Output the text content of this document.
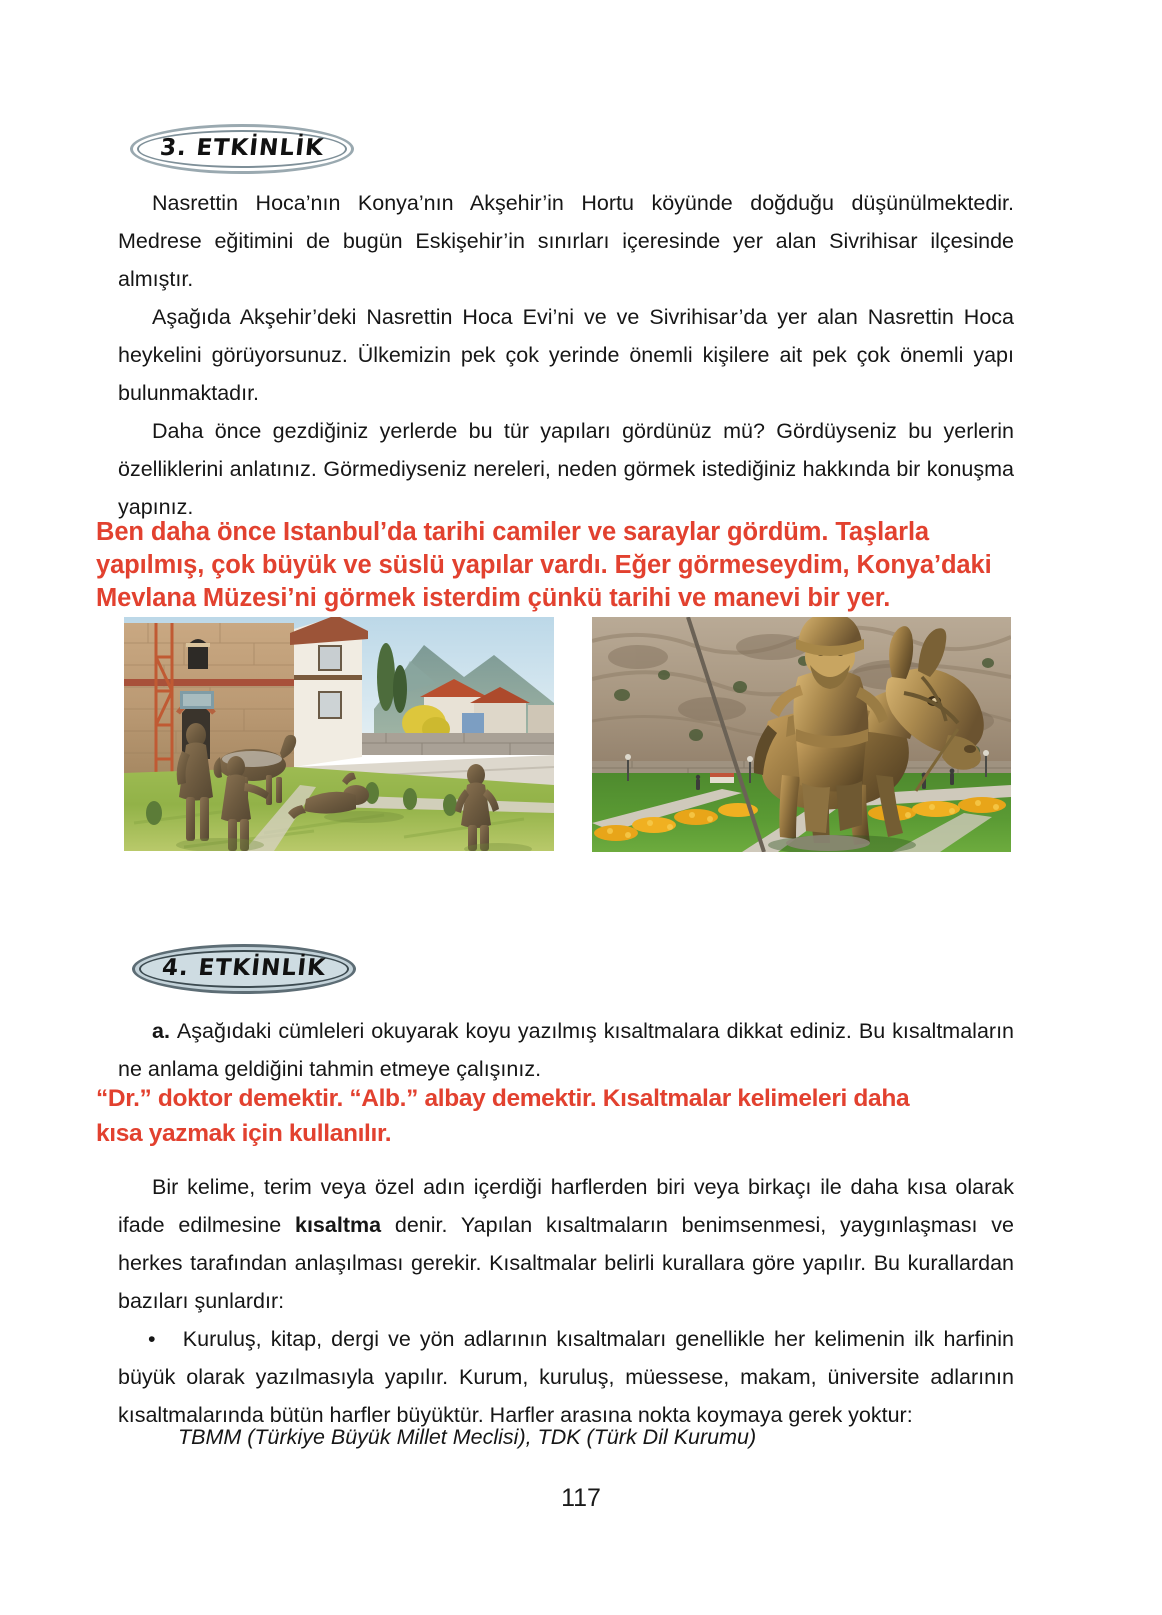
3. ETKİNLİK
Nasrettin Hoca’nın Konya’nın Akşehir’in Hortu köyünde doğduğu düşünülmektedir. Medrese eğitimini de bugün Eskişehir’in sınırları içeresinde yer alan Sivrihisar ilçesinde almıştır.
Aşağıda Akşehir’deki Nasrettin Hoca Evi’ni ve ve Sivrihisar’da yer alan Nasrettin Hoca heykelini görüyorsunuz. Ülkemizin pek çok yerinde önemli kişilere ait pek çok önemli yapı bulunmaktadır.
Daha önce gezdiğiniz yerlerde bu tür yapıları gördünüz mü? Gördüyseniz bu yerlerin özelliklerini anlatınız. Görmediyseniz nereleri, neden görmek istediğiniz hakkında bir konuşma yapınız.
Ben daha önce Istanbul’da tarihi camiler ve saraylar gördüm. Taşlarla
yapılmış, çok büyük ve süslü yapılar vardı. Eğer görmeseydim, Konya’daki
Mevlana Müzesi’ni görmek isterdim çünkü tarihi ve manevi bir yer.
4. ETKİNLİK
a. Aşağıdaki cümleleri okuyarak koyu yazılmış kısaltmalara dikkat ediniz. Bu kısaltmaların ne anlama geldiğini tahmin etmeye çalışınız.
“Dr.” doktor demektir. “Alb.” albay demektir. Kısaltmalar kelimeleri daha
kısa yazmak için kullanılır.
Bir kelime, terim veya özel adın içerdiği harflerden biri veya birkaçı ile daha kısa olarak ifade edilmesine kısaltma denir. Yapılan kısaltmaların benimsenmesi, yaygınlaşması ve herkes tarafından anlaşılması gerekir. Kısaltmalar belirli kurallara göre yapılır. Bu kurallardan bazıları şunlardır:
• Kuruluş, kitap, dergi ve yön adlarının kısaltmaları genellikle her kelimenin ilk harfinin büyük olarak yazılmasıyla yapılır. Kurum, kuruluş, müessese, makam, üniversite adlarının kısaltmalarında bütün harfler büyüktür. Harfler arasına nokta koymaya gerek yoktur:
TBMM (Türkiye Büyük Millet Meclisi), TDK (Türk Dil Kurumu)
117
